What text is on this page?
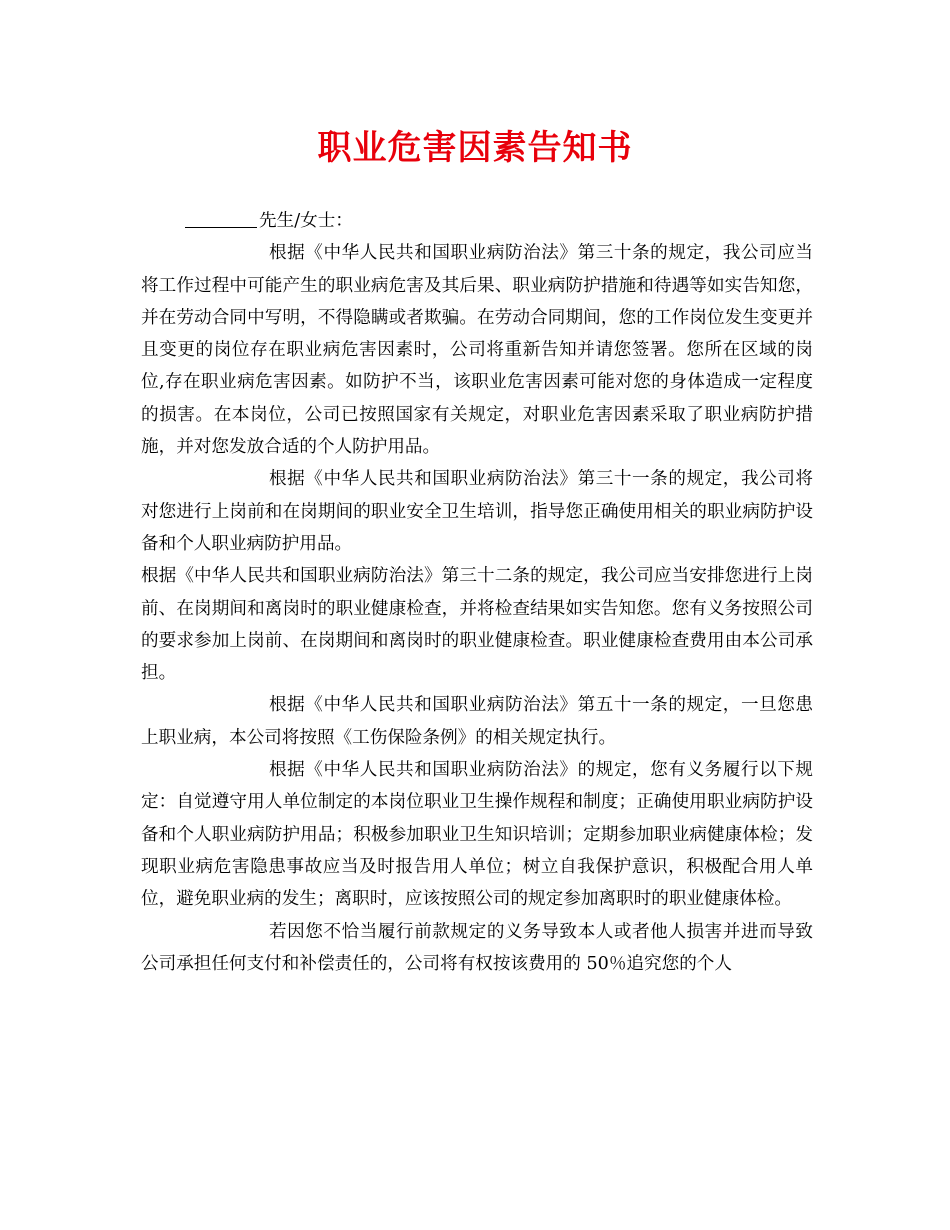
职业危害因素告知书

先生/女士：

根据《中华人民共和国职业病防治法》第三十条的规定，我公司应当将工作过程中可能产生的职业病危害及其后果、职业病防护措施和待遇等如实告知您，并在劳动合同中写明，不得隐瞒或者欺骗。在劳动合同期间，您的工作岗位发生变更并且变更的岗位存在职业病危害因素时，公司将重新告知并请您签署。您所在区域的岗位,存在职业病危害因素。如防护不当，该职业危害因素可能对您的身体造成一定程度的损害。在本岗位，公司已按照国家有关规定，对职业危害因素采取了职业病防护措施，并对您发放合适的个人防护用品。

根据《中华人民共和国职业病防治法》第三十一条的规定，我公司将对您进行上岗前和在岗期间的职业安全卫生培训，指导您正确使用相关的职业病防护设备和个人职业病防护用品。

根据《中华人民共和国职业病防治法》第三十二条的规定，我公司应当安排您进行上岗前、在岗期间和离岗时的职业健康检查，并将检查结果如实告知您。您有义务按照公司的要求参加上岗前、在岗期间和离岗时的职业健康检查。职业健康检查费用由本公司承担。

根据《中华人民共和国职业病防治法》第五十一条的规定，一旦您患上职业病，本公司将按照《工伤保险条例》的相关规定执行。

根据《中华人民共和国职业病防治法》的规定，您有义务履行以下规定：自觉遵守用人单位制定的本岗位职业卫生操作规程和制度；正确使用职业病防护设备和个人职业病防护用品；积极参加职业卫生知识培训；定期参加职业病健康体检；发现职业病危害隐患事故应当及时报告用人单位；树立自我保护意识，积极配合用人单位，避免职业病的发生；离职时，应该按照公司的规定参加离职时的职业健康体检。

若因您不恰当履行前款规定的义务导致本人或者他人损害并进而导致公司承担任何支付和补偿责任的，公司将有权按该费用的 50％追究您的个人
